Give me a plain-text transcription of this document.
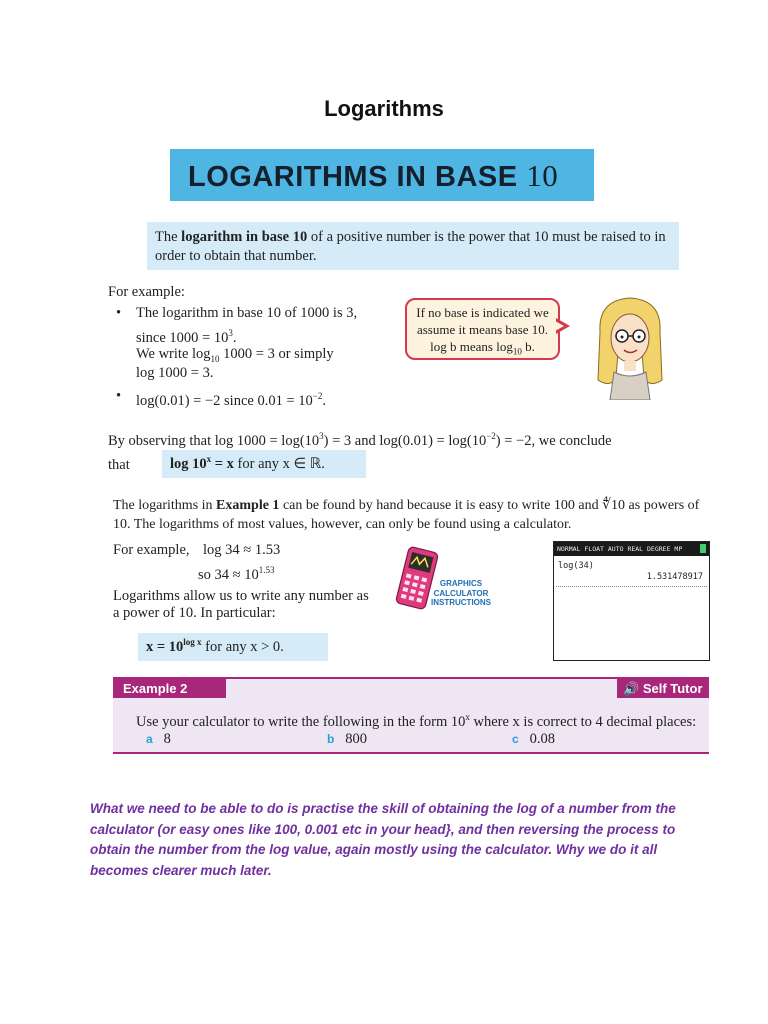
Logarithms
LOGARITHMS IN BASE 10
The logarithm in base 10 of a positive number is the power that 10 must be raised to in order to obtain that number.
For example:
• The logarithm in base 10 of 1000 is 3,
since $1000 = 10^3$.
We write $\log_{10} 1000 = 3$ or simply
log 1000 = 3.
• log(0.01) = −2 since $0.01 = 10^{-2}$.
If no base is indicated we
assume it means base 10.
log b means $\log_{10} b$.
By observing that $\log 1000 = \log(10^3) = 3$ and $\log(0.01) = \log(10^{-2}) = -2$, we conclude
that	$\log 10^x = x$ for any x ∈ ℝ.
The logarithms in Example 1 can be found by hand because it is easy to write 100 and ∜10 as powers of 10. The logarithms of most values, however, can only be found using a calculator.
For example, log 34 ≈ 1.53
so $34 \approx 10^{1.53}$
Logarithms allow us to write any number as
a power of 10. In particular:
$x = 10^{log x}$ for any x > 0.
GRAPHICS
CALCULATOR
INSTRUCTIONS
NORMAL FLOAT AUTO REAL DEGREE MP
log(34)
1.531478917
Example 2	🔊 Self Tutor
Use your calculator to write the following in the form 10$^x$ where x is correct to 4 decimal places:
a 8	b 800	c 0.08
What we need to be able to do is practise the skill of obtaining the log of a number from the calculator (or easy ones like 100, 0.001 etc in your head}, and then reversing the process to obtain the number from the log value, again mostly using the calculator. Why we do it all becomes clearer much later.
